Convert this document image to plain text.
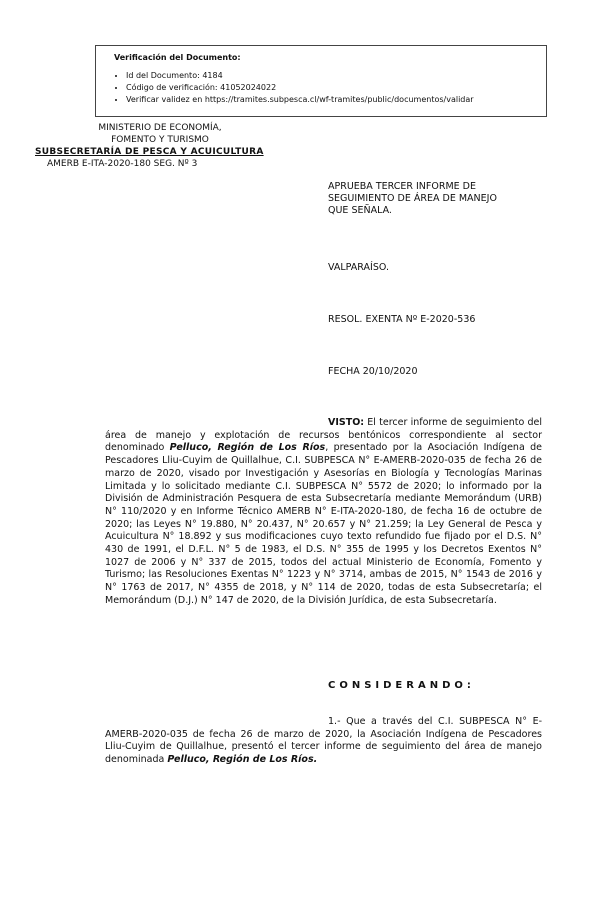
Verificación del Documento:
• Id del Documento: 4184
• Código de verificación: 41052024022
• Verificar validez en https://tramites.subpesca.cl/wf-tramites/public/documentos/validar
MINISTERIO DE ECONOMÍA,
FOMENTO Y TURISMO
SUBSECRETARÍA DE PESCA Y ACUICULTURA
AMERB E-ITA-2020-180 SEG. Nº 3
APRUEBA TERCER INFORME DE
SEGUIMIENTO DE ÁREA DE MANEJO
QUE SEÑALA.
VALPARAÍSO.
RESOL. EXENTA Nº E-2020-536
FECHA 20/10/2020
VISTO: El tercer informe de seguimiento del área de manejo y explotación de recursos bentónicos correspondiente al sector denominado Pelluco, Región de Los Ríos, presentado por la Asociación Indígena de Pescadores Lliu-Cuyim de Quillalhue, C.I. SUBPESCA N° E-AMERB-2020-035 de fecha 26 de marzo de 2020, visado por Investigación y Asesorías en Biología y Tecnologías Marinas Limitada y lo solicitado mediante C.I. SUBPESCA N° 5572 de 2020; lo informado por la División de Administración Pesquera de esta Subsecretaría mediante Memorándum (URB) N° 110/2020 y en Informe Técnico AMERB N° E-ITA-2020-180, de fecha 16 de octubre de 2020; las Leyes N° 19.880, N° 20.437, N° 20.657 y N° 21.259; la Ley General de Pesca y Acuicultura N° 18.892 y sus modificaciones cuyo texto refundido fue fijado por el D.S. N° 430 de 1991, el D.F.L. N° 5 de 1983, el D.S. N° 355 de 1995 y los Decretos Exentos N° 1027 de 2006 y N° 337 de 2015, todos del actual Ministerio de Economía, Fomento y Turismo; las Resoluciones Exentas N° 1223 y N° 3714, ambas de 2015, N° 1543 de 2016 y N° 1763 de 2017, N° 4355 de 2018, y N° 114 de 2020, todas de esta Subsecretaría; el Memorándum (D.J.) N° 147 de 2020, de la División Jurídica, de esta Subsecretaría.
CONSIDERANDO:
1.- Que a través del C.I. SUBPESCA N° E-AMERB-2020-035 de fecha 26 de marzo de 2020, la Asociación Indígena de Pescadores Lliu-Cuyim de Quillalhue, presentó el tercer informe de seguimiento del área de manejo denominada Pelluco, Región de Los Ríos.
